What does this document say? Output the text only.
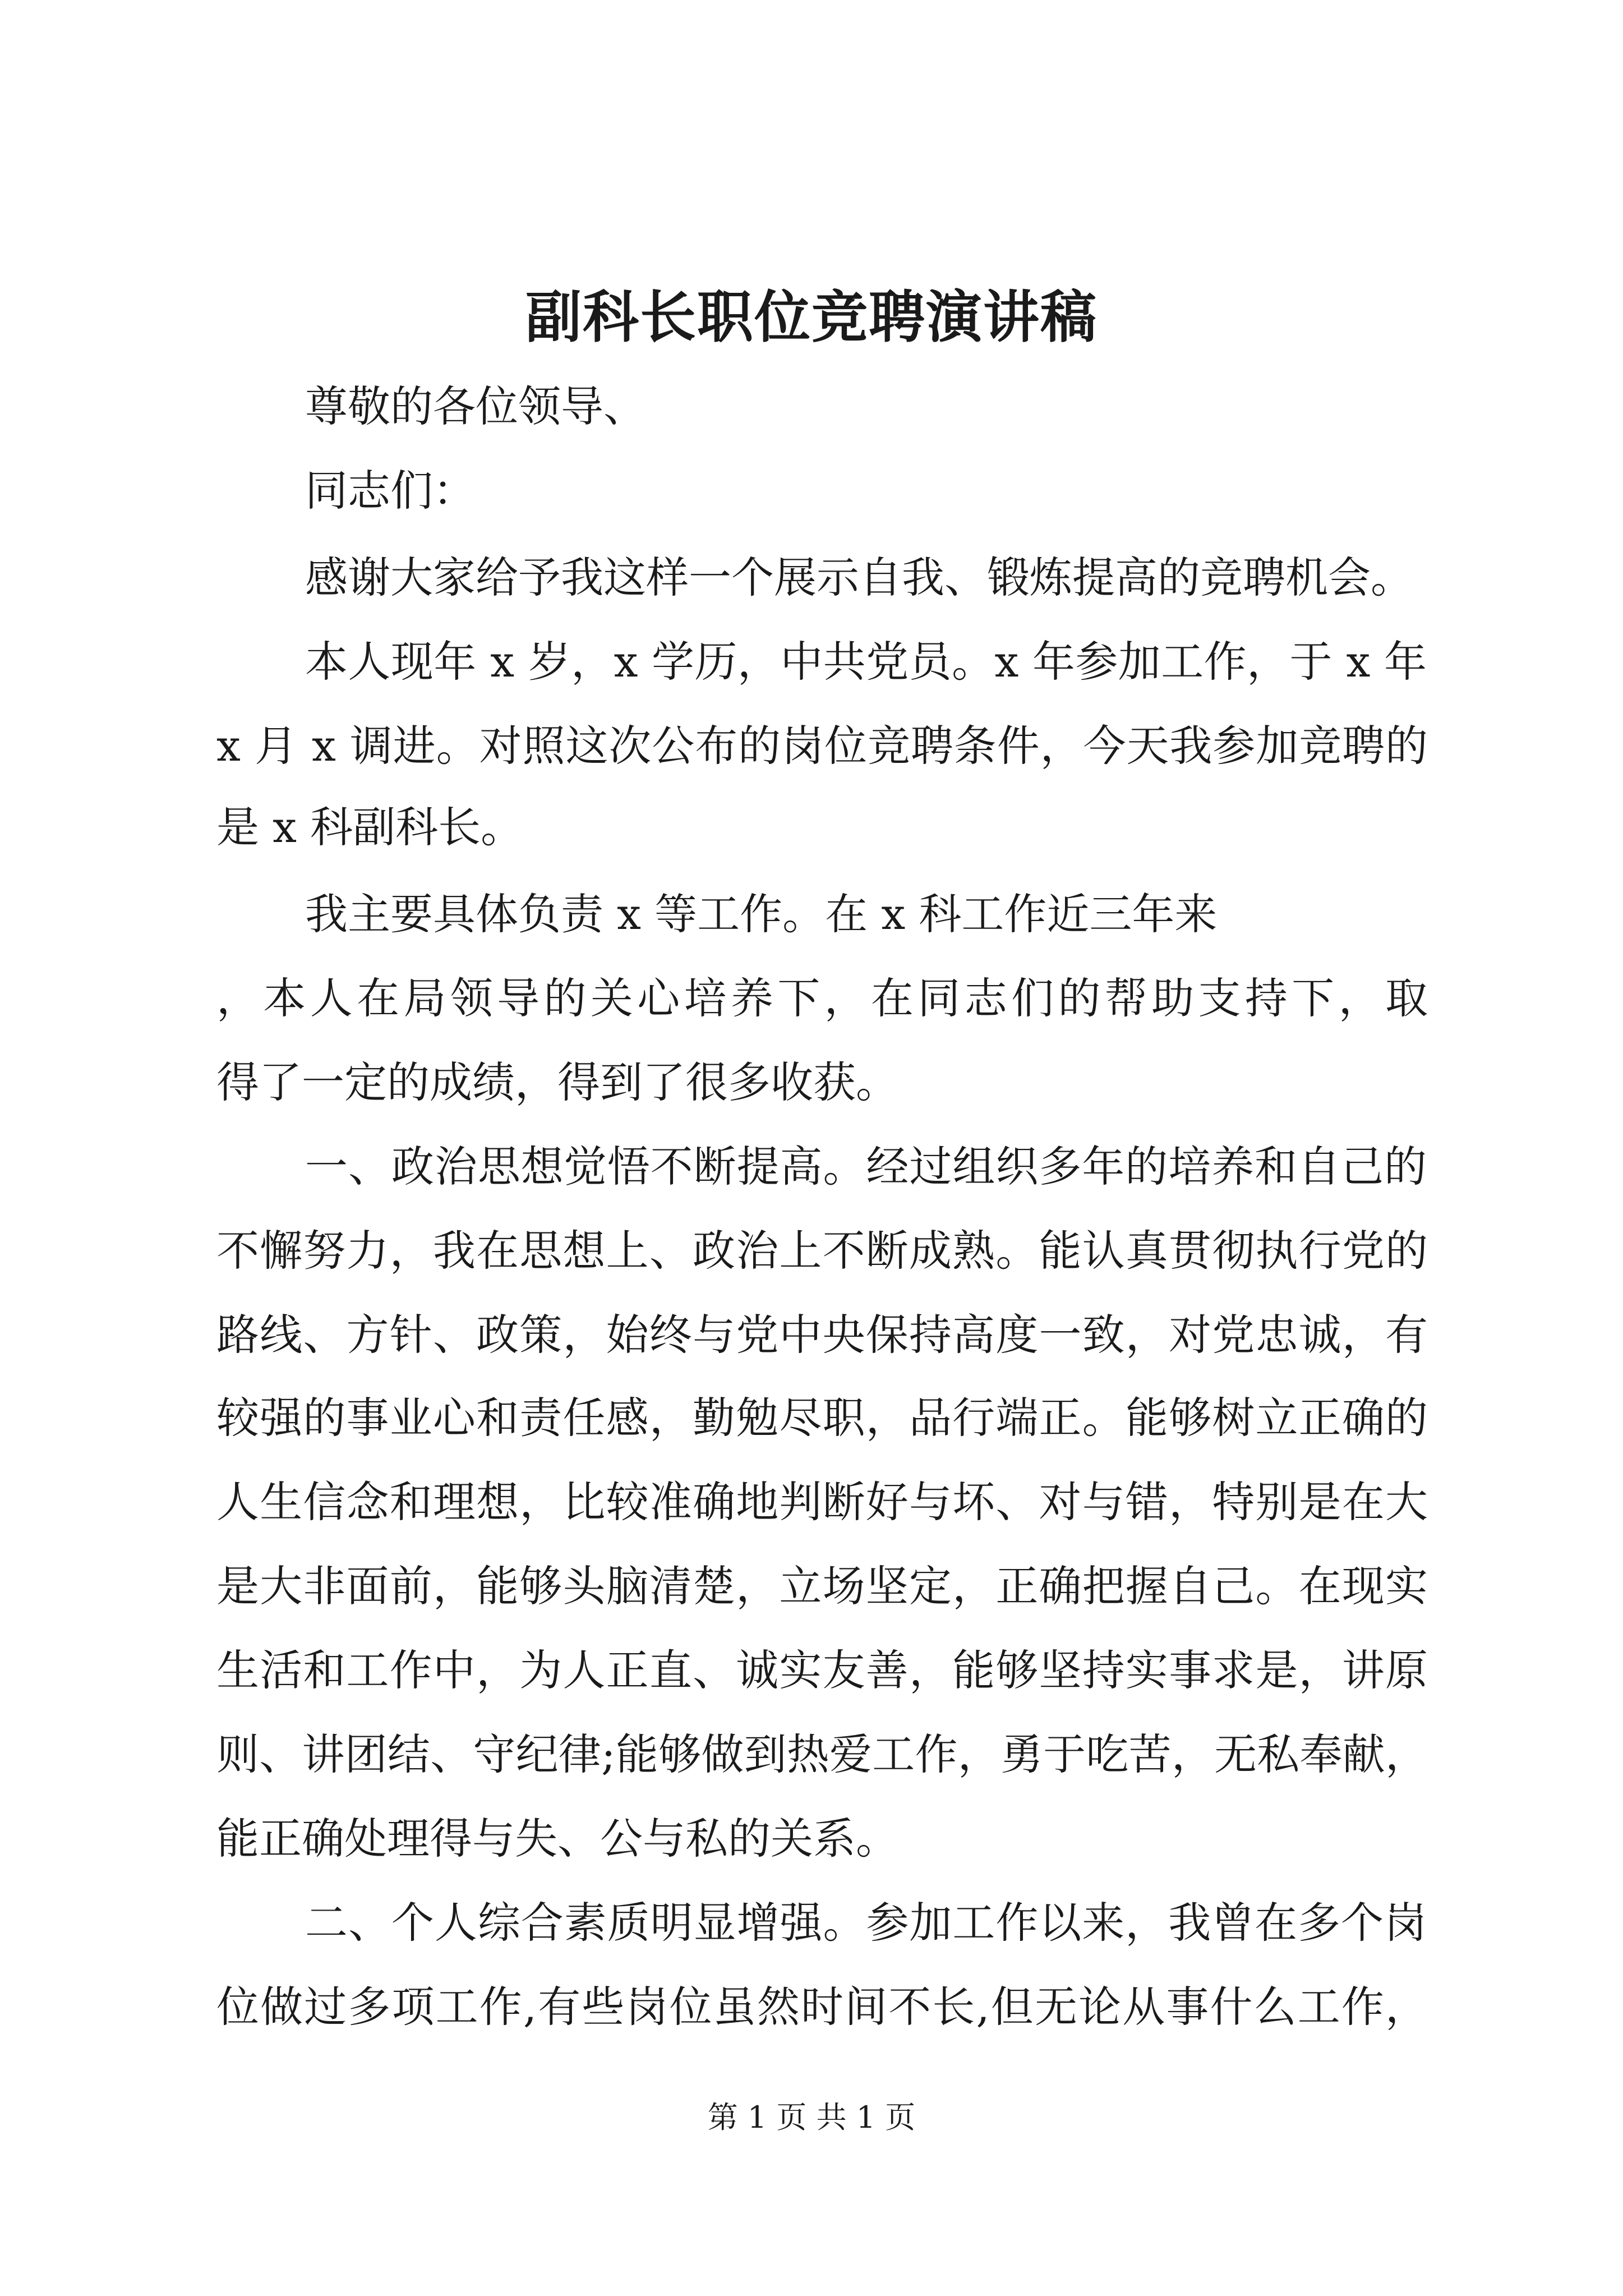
副科长职位竞聘演讲稿

尊敬的各位领导、

同志们：

感谢大家给予我这样一个展示自我、锻炼提高的竞聘机会。

本人现年 x 岁，x 学历，中共党员。x 年参加工作，于 x 年

x 月 x 调进。对照这次公布的岗位竞聘条件，今天我参加竞聘的

是 x 科副科长。

我主要具体负责 x 等工作。在 x 科工作近三年来

，本人在局领导的关心培养下，在同志们的帮助支持下，取

得了一定的成绩，得到了很多收获。

一、政治思想觉悟不断提高。经过组织多年的培养和自己的

不懈努力，我在思想上、政治上不断成熟。能认真贯彻执行党的

路线、方针、政策，始终与党中央保持高度一致，对党忠诚，有

较强的事业心和责任感，勤勉尽职，品行端正。能够树立正确的

人生信念和理想，比较准确地判断好与坏、对与错，特别是在大

是大非面前，能够头脑清楚，立场坚定，正确把握自己。在现实

生活和工作中，为人正直、诚实友善，能够坚持实事求是，讲原

则、讲团结、守纪律;能够做到热爱工作，勇于吃苦，无私奉献，

能正确处理得与失、公与私的关系。

二、个人综合素质明显增强。参加工作以来，我曾在多个岗

位做过多项工作,有些岗位虽然时间不长,但无论从事什么工作，

第 1 页 共 1 页
